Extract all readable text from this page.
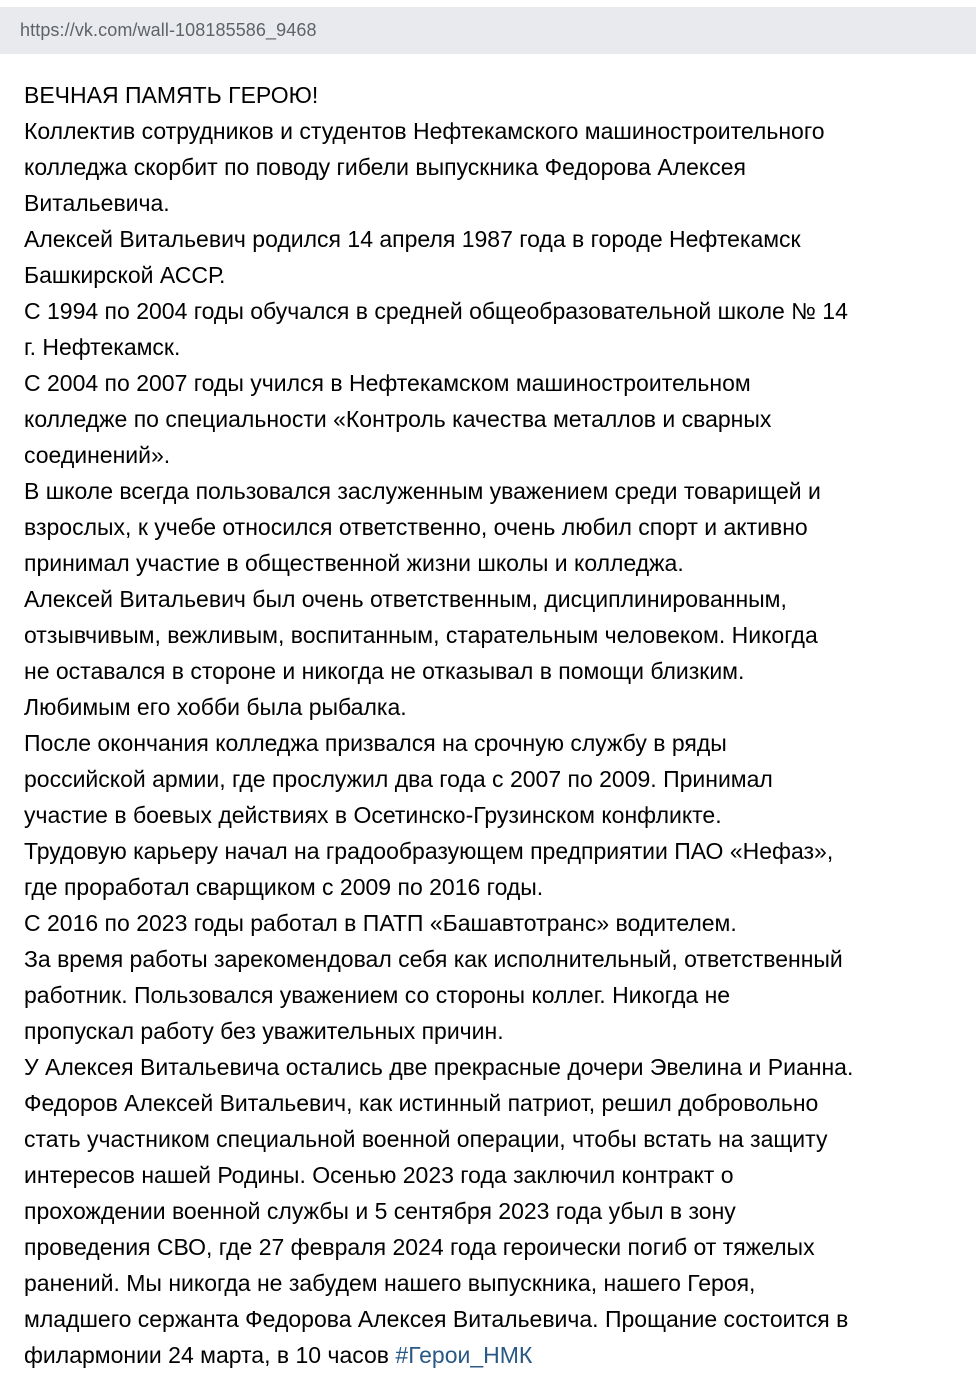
https://vk.com/wall-108185586_9468
ВЕЧНАЯ ПАМЯТЬ ГЕРОЮ!
Коллектив сотрудников и студентов Нефтекамского машиностроительного
колледжа скорбит по поводу гибели выпускника Федорова Алексея
Витальевича.
Алексей Витальевич родился 14 апреля 1987 года в городе Нефтекамск
Башкирской АССР.
С 1994 по 2004 годы обучался в средней общеобразовательной школе № 14
г. Нефтекамск.
С 2004 по 2007 годы учился в Нефтекамском машиностроительном
колледже по специальности «Контроль качества металлов и сварных
соединений».
В школе всегда пользовался заслуженным уважением среди товарищей и
взрослых, к учебе относился ответственно, очень любил спорт и активно
принимал участие в общественной жизни школы и колледжа.
Алексей Витальевич был очень ответственным, дисциплинированным,
отзывчивым, вежливым, воспитанным, старательным человеком. Никогда
не оставался в стороне и никогда не отказывал в помощи близким.
Любимым его хобби была рыбалка.
После окончания колледжа призвался на срочную службу в ряды
российской армии, где прослужил два года с 2007 по 2009. Принимал
участие в боевых действиях в Осетинско-Грузинском конфликте.
Трудовую карьеру начал на градообразующем предприятии ПАО «Нефаз»,
где проработал сварщиком с 2009 по 2016 годы.
С 2016 по 2023 годы работал в ПАТП «Башавтотранс» водителем.
За время работы зарекомендовал себя как исполнительный, ответственный
работник. Пользовался уважением со стороны коллег. Никогда не
пропускал работу без уважительных причин.
У Алексея Витальевича остались две прекрасные дочери Эвелина и Рианна.
Федоров Алексей Витальевич, как истинный патриот, решил добровольно
стать участником специальной военной операции, чтобы встать на защиту
интересов нашей Родины. Осенью 2023 года заключил контракт о
прохождении военной службы и 5 сентября 2023 года убыл в зону
проведения СВО, где 27 февраля 2024 года героически погиб от тяжелых
ранений. Мы никогда не забудем нашего выпускника, нашего Героя,
младшего сержанта Федорова Алексея Витальевича. Прощание состоится в
филармонии 24 марта, в 10 часов #Герои_НМК
